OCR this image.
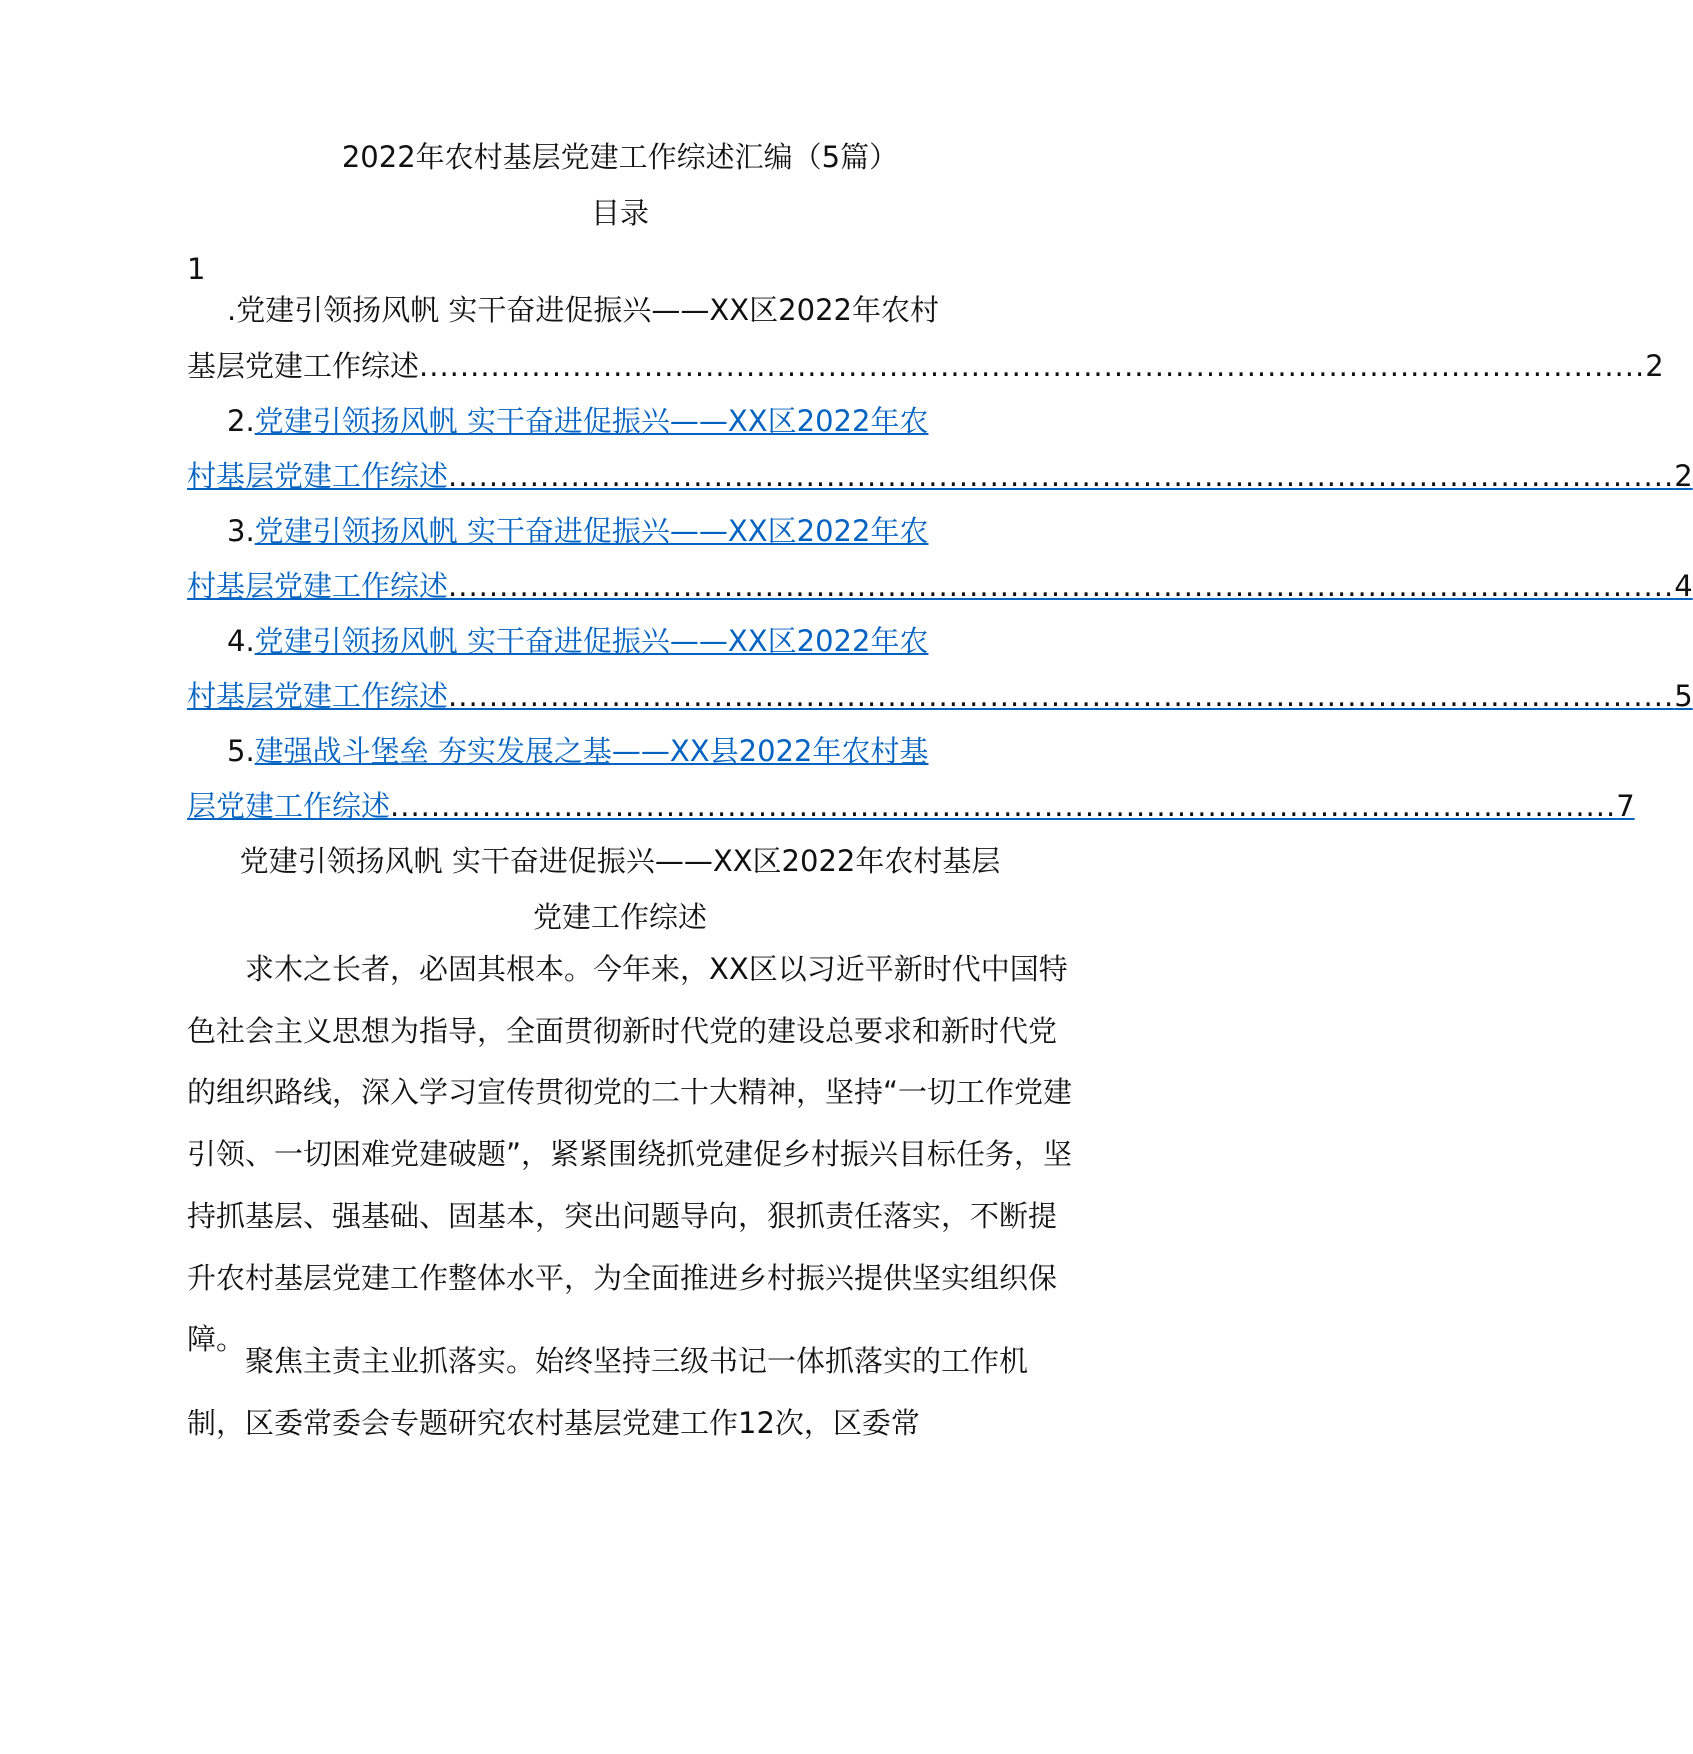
2022年农村基层党建工作综述汇编（5篇）
目录
1
.党建引领扬风帆 实干奋进促振兴——XX区2022年农村
基层党建工作综述 ........................................................................................................................ 2
2.党建引领扬风帆 实干奋进促振兴——XX区2022年农
村基层党建工作综述 ........................................................................................................................ 2
3.党建引领扬风帆 实干奋进促振兴——XX区2022年农
村基层党建工作综述 ........................................................................................................................ 4
4.党建引领扬风帆 实干奋进促振兴——XX区2022年农
村基层党建工作综述 ........................................................................................................................ 5
5.建强战斗堡垒 夯实发展之基——XX县2022年农村基
层党建工作综述 ........................................................................................................................ 7
党建引领扬风帆 实干奋进促振兴——XX区2022年农村基层
党建工作综述
求木之长者，必固其根本。今年来，XX区以习近平新时代中国特色社会主义思想为指导，全面贯彻新时代党的建设总要求和新时代党的组织路线，深入学习宣传贯彻党的二十大精神，坚持“一切工作党建引领、一切困难党建破题”，紧紧围绕抓党建促乡村振兴目标任务，坚持抓基层、强基础、固基本，突出问题导向，狠抓责任落实，不断提升农村基层党建工作整体水平，为全面推进乡村振兴提供坚实组织保障。
聚焦主责主业抓落实。始终坚持三级书记一体抓落实的工作机制，区委常委会专题研究农村基层党建工作12次，区委常
